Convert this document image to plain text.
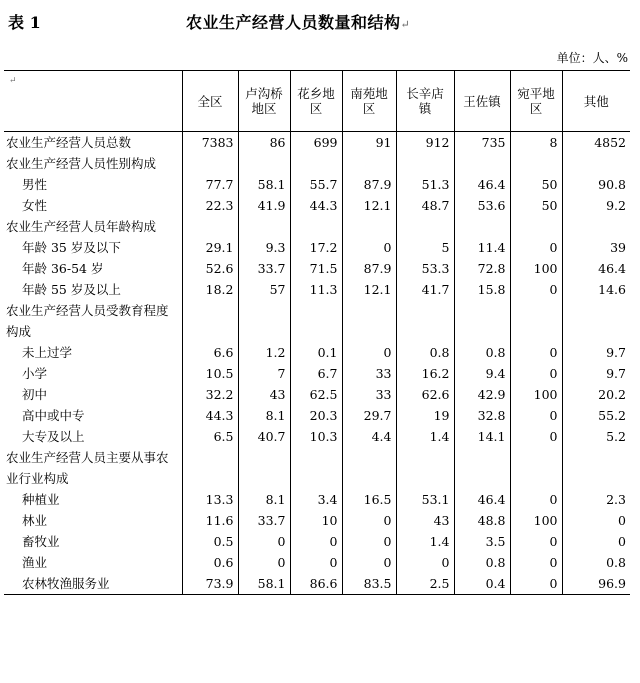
表 1	农业生产经营人员数量和结构↵
单位：人、%
↵	全区	卢沟桥地区	花乡地区	南苑地区	长辛店镇	王佐镇	宛平地区	其他
农业生产经营人员总数	7383	86	699	91	912	735	8	4852
农业生产经营人员性别构成								
男性	77.7	58.1	55.7	87.9	51.3	46.4	50	90.8
女性	22.3	41.9	44.3	12.1	48.7	53.6	50	9.2
农业生产经营人员年龄构成								
年龄 35 岁及以下	29.1	9.3	17.2	0	5	11.4	0	39
年龄 36-54 岁	52.6	33.7	71.5	87.9	53.3	72.8	100	46.4
年龄 55 岁及以上	18.2	57	11.3	12.1	41.7	15.8	0	14.6
农业生产经营人员受教育程度构成								
未上过学	6.6	1.2	0.1	0	0.8	0.8	0	9.7
小学	10.5	7	6.7	33	16.2	9.4	0	9.7
初中	32.2	43	62.5	33	62.6	42.9	100	20.2
高中或中专	44.3	8.1	20.3	29.7	19	32.8	0	55.2
大专及以上	6.5	40.7	10.3	4.4	1.4	14.1	0	5.2
农业生产经营人员主要从事农业行业构成								
种植业	13.3	8.1	3.4	16.5	53.1	46.4	0	2.3
林业	11.6	33.7	10	0	43	48.8	100	0
畜牧业	0.5	0	0	0	1.4	3.5	0	0
渔业	0.6	0	0	0	0	0.8	0	0.8
农林牧渔服务业	73.9	58.1	86.6	83.5	2.5	0.4	0	96.9
